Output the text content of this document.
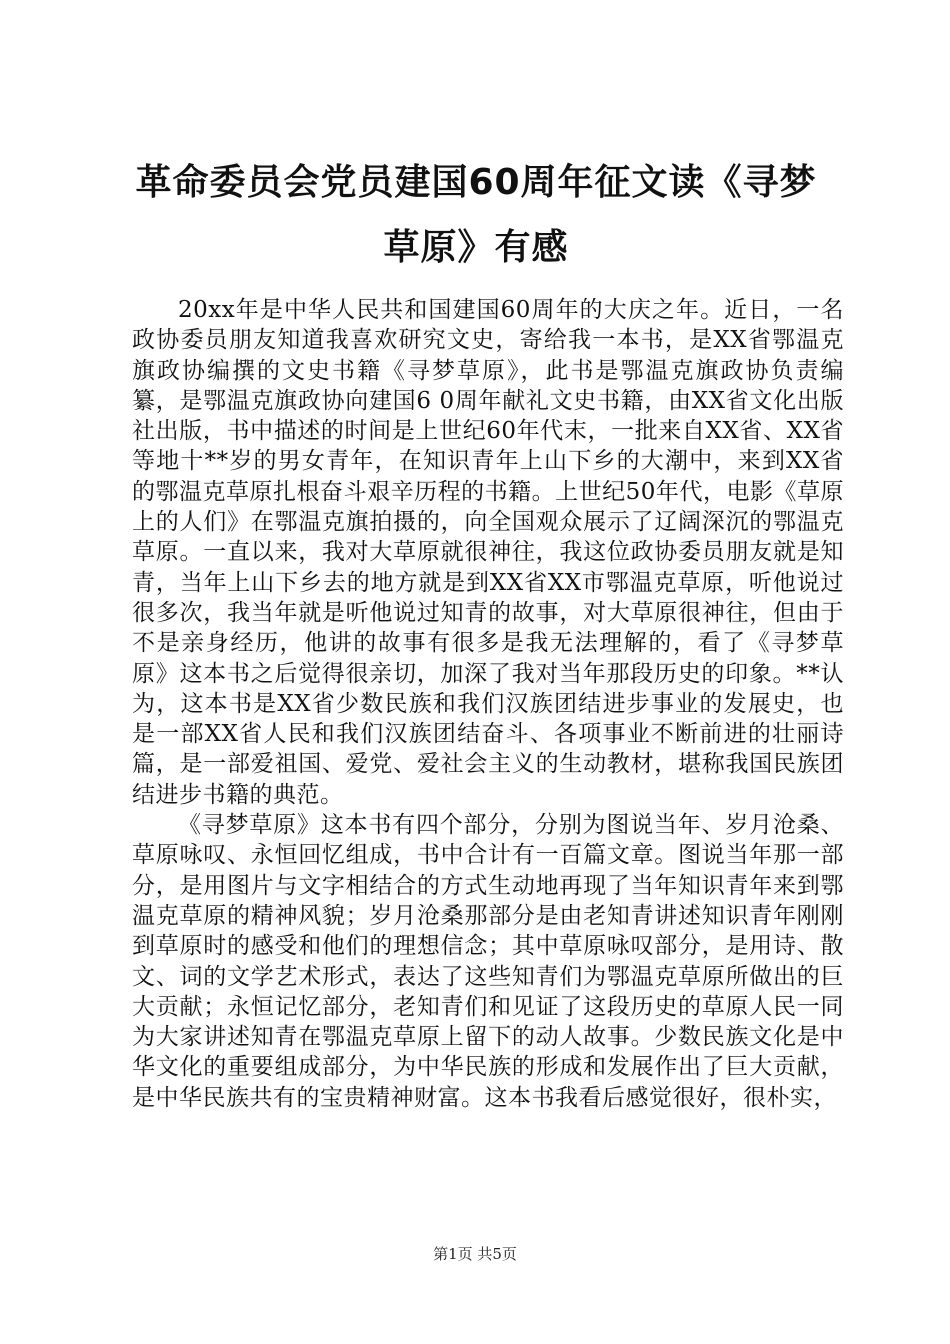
革命委员会党员建国60周年征文读《寻梦草原》有感

20xx年是中华人民共和国建国60周年的大庆之年。近日，一名政协委员朋友知道我喜欢研究文史，寄给我一本书，是XX省鄂温克旗政协编撰的文史书籍《寻梦草原》，此书是鄂温克旗政协负责编纂，是鄂温克旗政协向建国6 0周年献礼文史书籍，由XX省文化出版社出版，书中描述的时间是上世纪60年代末，一批来自XX省、XX省等地十**岁的男女青年，在知识青年上山下乡的大潮中，来到XX省的鄂温克草原扎根奋斗艰辛历程的书籍。上世纪50年代，电影《草原上的人们》在鄂温克旗拍摄的，向全国观众展示了辽阔深沉的鄂温克草原。一直以来，我对大草原就很神往，我这位政协委员朋友就是知青，当年上山下乡去的地方就是到XX省XX市鄂温克草原，听他说过很多次，我当年就是听他说过知青的故事，对大草原很神往，但由于不是亲身经历，他讲的故事有很多是我无法理解的，看了《寻梦草原》这本书之后觉得很亲切，加深了我对当年那段历史的印象。**认为，这本书是XX省少数民族和我们汉族团结进步事业的发展史，也是一部XX省人民和我们汉族团结奋斗、各项事业不断前进的壮丽诗篇，是一部爱祖国、爱党、爱社会主义的生动教材，堪称我国民族团结进步书籍的典范。

《寻梦草原》这本书有四个部分，分别为图说当年、岁月沧桑、草原咏叹、永恒回忆组成，书中合计有一百篇文章。图说当年那一部分，是用图片与文字相结合的方式生动地再现了当年知识青年来到鄂温克草原的精神风貌；岁月沧桑那部分是由老知青讲述知识青年刚刚到草原时的感受和他们的理想信念；其中草原咏叹部分，是用诗、散文、词的文学艺术形式，表达了这些知青们为鄂温克草原所做出的巨大贡献；永恒记忆部分，老知青们和见证了这段历史的草原人民一同为大家讲述知青在鄂温克草原上留下的动人故事。少数民族文化是中华文化的重要组成部分，为中华民族的形成和发展作出了巨大贡献，是中华民族共有的宝贵精神财富。这本书我看后感觉很好，很朴实，

第1页 共5页
